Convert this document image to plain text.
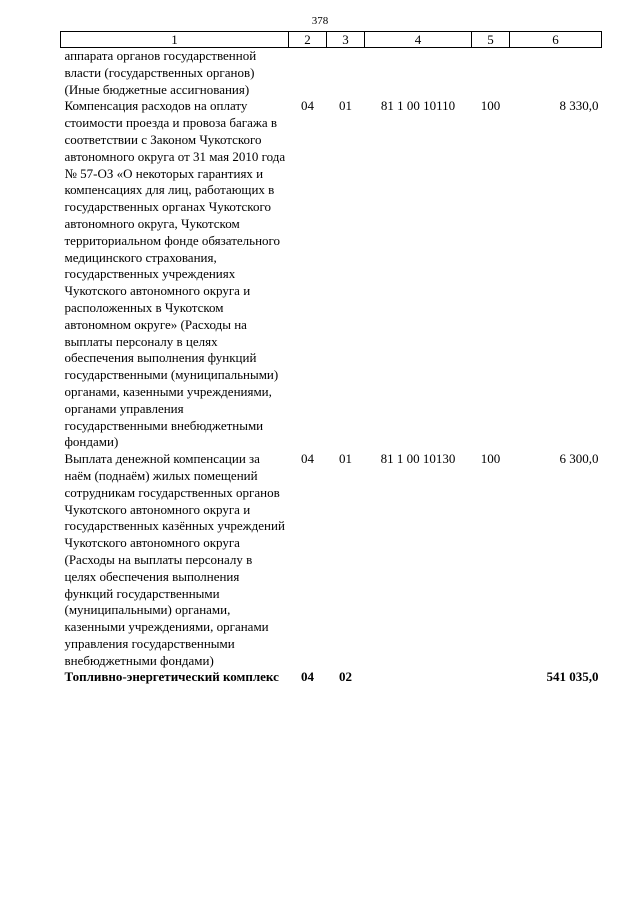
378
1	2	3	4	5	6
аппарата органов государственной власти (государственных органов) (Иные бюджетные ассигнования)					
Компенсация расходов на оплату стоимости проезда и провоза багажа в соответствии с Законом Чукотского автономного округа от 31 мая 2010 года № 57-ОЗ «О некоторых гарантиях и компенсациях для лиц, работающих в государственных органах Чукотского автономного округа, Чукотском территориальном фонде обязательного медицинского страхования, государственных учреждениях Чукотского автономного округа и расположенных в Чукотском автономном округе» (Расходы на выплаты персоналу в целях обеспечения выполнения функций государственными (муниципальными) органами, казенными учреждениями, органами управления государственными внебюджетными фондами)	04	01	81 1 00 10110	100	8 330,0
Выплата денежной компенсации за наём (поднаём) жилых помещений сотрудникам государственных органов Чукотского автономного округа и государственных казённых учреждений Чукотского автономного округа (Расходы на выплаты персоналу в целях обеспечения выполнения функций государственными (муниципальными) органами, казенными учреждениями, органами управления государственными внебюджетными фондами)	04	01	81 1 00 10130	100	6 300,0
Топливно-энергетический комплекс	04	02			541 035,0
